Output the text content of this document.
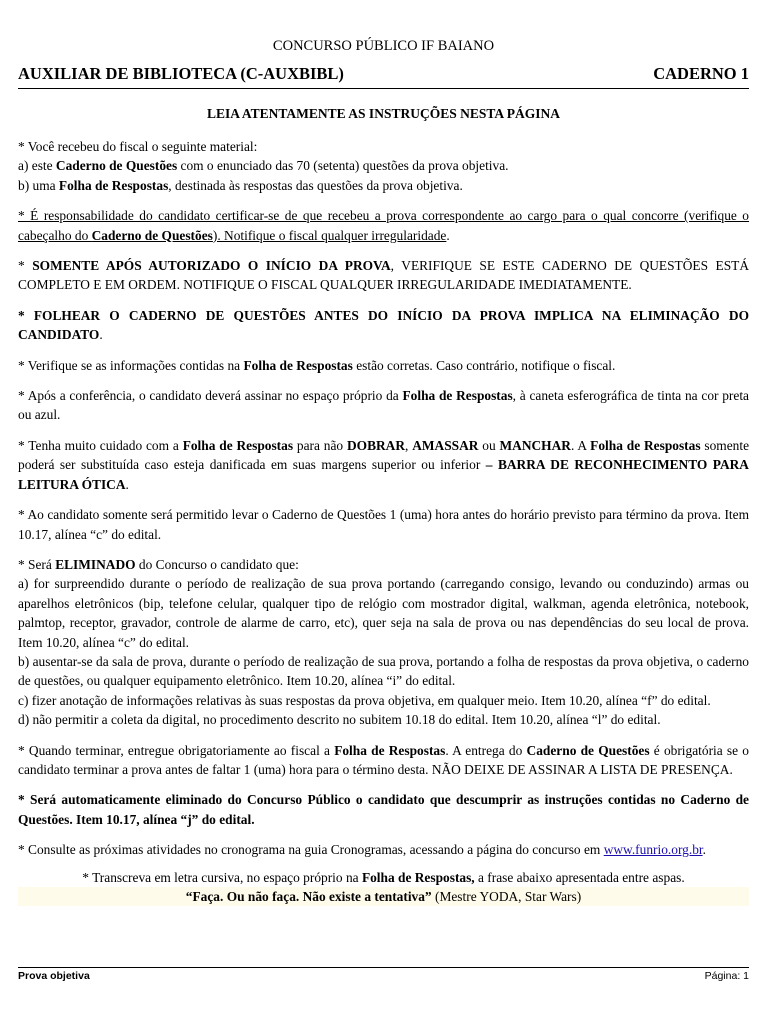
CONCURSO PÚBLICO IF BAIANO
AUXILIAR DE BIBLIOTECA (C-AUXBIBL)	CADERNO 1
LEIA ATENTAMENTE AS INSTRUÇÕES NESTA PÁGINA

* Você recebeu do fiscal o seguinte material:
a) este Caderno de Questões com o enunciado das 70 (setenta) questões da prova objetiva.
b) uma Folha de Respostas, destinada às respostas das questões da prova objetiva.

* É responsabilidade do candidato certificar-se de que recebeu a prova correspondente ao cargo para o qual concorre (verifique o cabeçalho do Caderno de Questões). Notifique o fiscal qualquer irregularidade.

* SOMENTE APÓS AUTORIZADO O INÍCIO DA PROVA, VERIFIQUE SE ESTE CADERNO DE QUESTÕES ESTÁ COMPLETO E EM ORDEM. NOTIFIQUE O FISCAL QUALQUER IRREGULARIDADE IMEDIATAMENTE.

* FOLHEAR O CADERNO DE QUESTÕES ANTES DO INÍCIO DA PROVA IMPLICA NA ELIMINAÇÃO DO CANDIDATO.

* Verifique se as informações contidas na Folha de Respostas estão corretas. Caso contrário, notifique o fiscal.

* Após a conferência, o candidato deverá assinar no espaço próprio da Folha de Respostas, à caneta esferográfica de tinta na cor preta ou azul.

* Tenha muito cuidado com a Folha de Respostas para não DOBRAR, AMASSAR ou MANCHAR. A Folha de Respostas somente poderá ser substituída caso esteja danificada em suas margens superior ou inferior – BARRA DE RECONHECIMENTO PARA LEITURA ÓTICA.

* Ao candidato somente será permitido levar o Caderno de Questões 1 (uma) hora antes do horário previsto para término da prova. Item 10.17, alínea “c” do edital.

* Será ELIMINADO do Concurso o candidato que:
a) for surpreendido durante o período de realização de sua prova portando (carregando consigo, levando ou conduzindo) armas ou aparelhos eletrônicos (bip, telefone celular, qualquer tipo de relógio com mostrador digital, walkman, agenda eletrônica, notebook, palmtop, receptor, gravador, controle de alarme de carro, etc), quer seja na sala de prova ou nas dependências do seu local de prova. Item 10.20, alínea “c” do edital.
b) ausentar-se da sala de prova, durante o período de realização de sua prova, portando a folha de respostas da prova objetiva, o caderno de questões, ou qualquer equipamento eletrônico. Item 10.20, alínea “i” do edital.
c) fizer anotação de informações relativas às suas respostas da prova objetiva, em qualquer meio. Item 10.20, alínea “f” do edital.
d) não permitir a coleta da digital, no procedimento descrito no subitem 10.18 do edital. Item 10.20, alínea “l” do edital.

* Quando terminar, entregue obrigatoriamente ao fiscal a Folha de Respostas. A entrega do Caderno de Questões é obrigatória se o candidato terminar a prova antes de faltar 1 (uma) hora para o término desta. NÃO DEIXE DE ASSINAR A LISTA DE PRESENÇA.

* Será automaticamente eliminado do Concurso Público o candidato que descumprir as instruções contidas no Caderno de Questões. Item 10.17, alínea “j” do edital.

* Consulte as próximas atividades no cronograma na guia Cronogramas, acessando a página do concurso em www.funrio.org.br.

* Transcreva em letra cursiva, no espaço próprio na Folha de Respostas, a frase abaixo apresentada entre aspas.

“Faça. Ou não faça. Não existe a tentativa” (Mestre YODA, Star Wars)

Prova objetiva	Página: 1
